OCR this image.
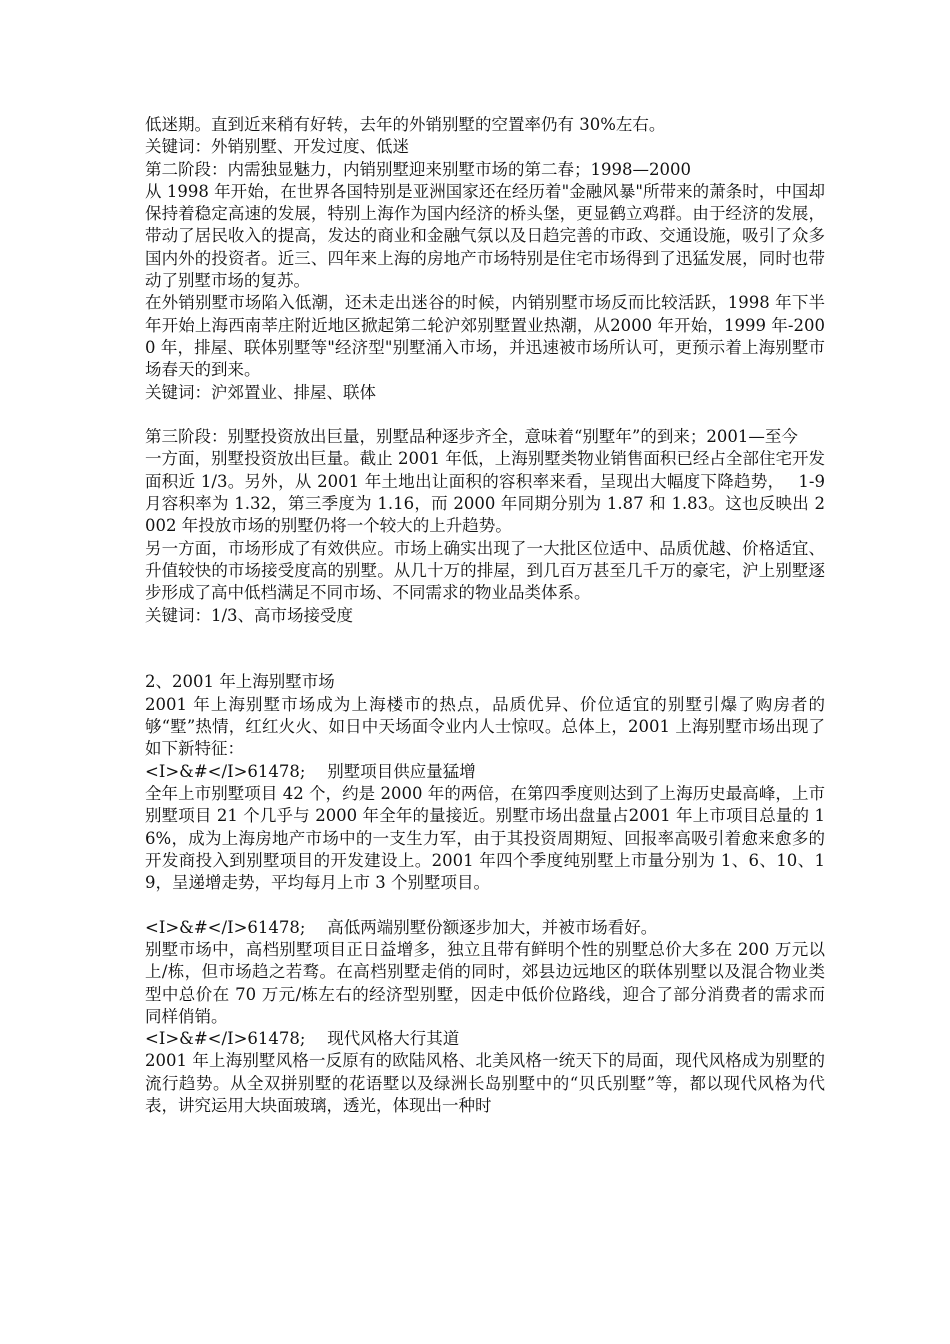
低迷期。直到近来稍有好转，去年的外销别墅的空置率仍有 30%左右。

关键词：外销别墅、开发过度、低迷

第二阶段：内需独显魅力，内销别墅迎来别墅市场的第二春；1998—2000

从 1998 年开始，在世界各国特别是亚洲国家还在经历着"金融风暴"所带来的萧条时，中国却保持着稳定高速的发展，特别上海作为国内经济的桥头堡，更显鹤立鸡群。由于经济的发展，带动了居民收入的提高，发达的商业和金融气氛以及日趋完善的市政、交通设施，吸引了众多国内外的投资者。近三、四年来上海的房地产市场特别是住宅市场得到了迅猛发展，同时也带动了别墅市场的复苏。

在外销别墅市场陷入低潮，还未走出迷谷的时候，内销别墅市场反而比较活跃，1998 年下半年开始上海西南莘庄附近地区掀起第二轮沪郊别墅置业热潮，从2000 年开始，1999 年-2000 年，排屋、联体别墅等"经济型"别墅涌入市场，并迅速被市场所认可，更预示着上海别墅市场春天的到来。

关键词：沪郊置业、排屋、联体

第三阶段：别墅投资放出巨量，别墅品种逐步齐全，意味着“别墅年”的到来；2001—至今

一方面，别墅投资放出巨量。截止 2001 年低，上海别墅类物业销售面积已经占全部住宅开发面积近 1/3。另外，从 2001 年土地出让面积的容积率来看，呈现出大幅度下降趋势，　 1-9 月容积率为 1.32，第三季度为 1.16，而 2000 年同期分别为 1.87 和 1.83。这也反映出 2002 年投放市场的别墅仍将一个较大的上升趋势。

另一方面，市场形成了有效供应。市场上确实出现了一大批区位适中、品质优越、价格适宜、升值较快的市场接受度高的别墅。从几十万的排屋，到几百万甚至几千万的豪宅，沪上别墅逐步形成了高中低档满足不同市场、不同需求的物业品类体系。

关键词：1/3、高市场接受度

2、2001 年上海别墅市场

2001 年上海别墅市场成为上海楼市的热点，品质优异、价位适宜的别墅引爆了购房者的够“墅”热情，红红火火、如日中天场面令业内人士惊叹。总体上，2001 上海别墅市场出现了如下新特征：

<I>&#</I>61478;　 别墅项目供应量猛增

全年上市别墅项目 42 个，约是 2000 年的两倍，在第四季度则达到了上海历史最高峰，上市别墅项目 21 个几乎与 2000 年全年的量接近。别墅市场出盘量占2001 年上市项目总量的 16%，成为上海房地产市场中的一支生力军，由于其投资周期短、回报率高吸引着愈来愈多的开发商投入到别墅项目的开发建设上。2001 年四个季度纯别墅上市量分别为 1、6、10、19，呈递增走势，平均每月上市 3 个别墅项目。

<I>&#</I>61478;　 高低两端别墅份额逐步加大，并被市场看好。

别墅市场中，高档别墅项目正日益增多，独立且带有鲜明个性的别墅总价大多在 200 万元以上/栋，但市场趋之若骛。在高档别墅走俏的同时，郊县边远地区的联体别墅以及混合物业类型中总价在 70 万元/栋左右的经济型别墅，因走中低价位路线，迎合了部分消费者的需求而同样俏销。

<I>&#</I>61478;　 现代风格大行其道

2001 年上海别墅风格一反原有的欧陆风格、北美风格一统天下的局面，现代风格成为别墅的流行趋势。从全双拼别墅的花语墅以及绿洲长岛别墅中的“贝氏别墅”等，都以现代风格为代表，讲究运用大块面玻璃，透光，体现出一种时
